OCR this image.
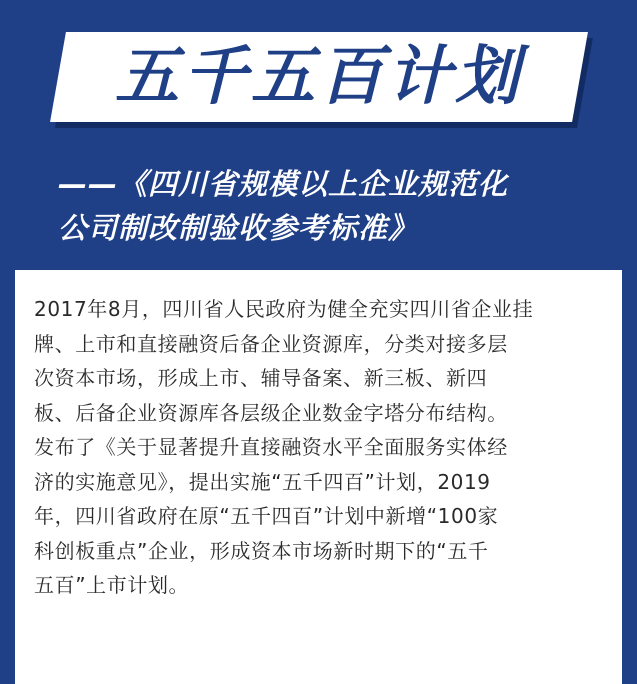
五千五百计划
——《四川省规模以上企业规范化
公司制改制验收参考标准》
2017年8月，四川省人民政府为健全充实四川省企业挂
牌、上市和直接融资后备企业资源库，分类对接多层
次资本市场，形成上市、辅导备案、新三板、新四
板、后备企业资源库各层级企业数金字塔分布结构。
发布了《关于显著提升直接融资水平全面服务实体经
济的实施意见》，提出实施“五千四百”计划，2019
年，四川省政府在原“五千四百”计划中新增“100家
科创板重点”企业，形成资本市场新时期下的“五千
五百”上市计划。
